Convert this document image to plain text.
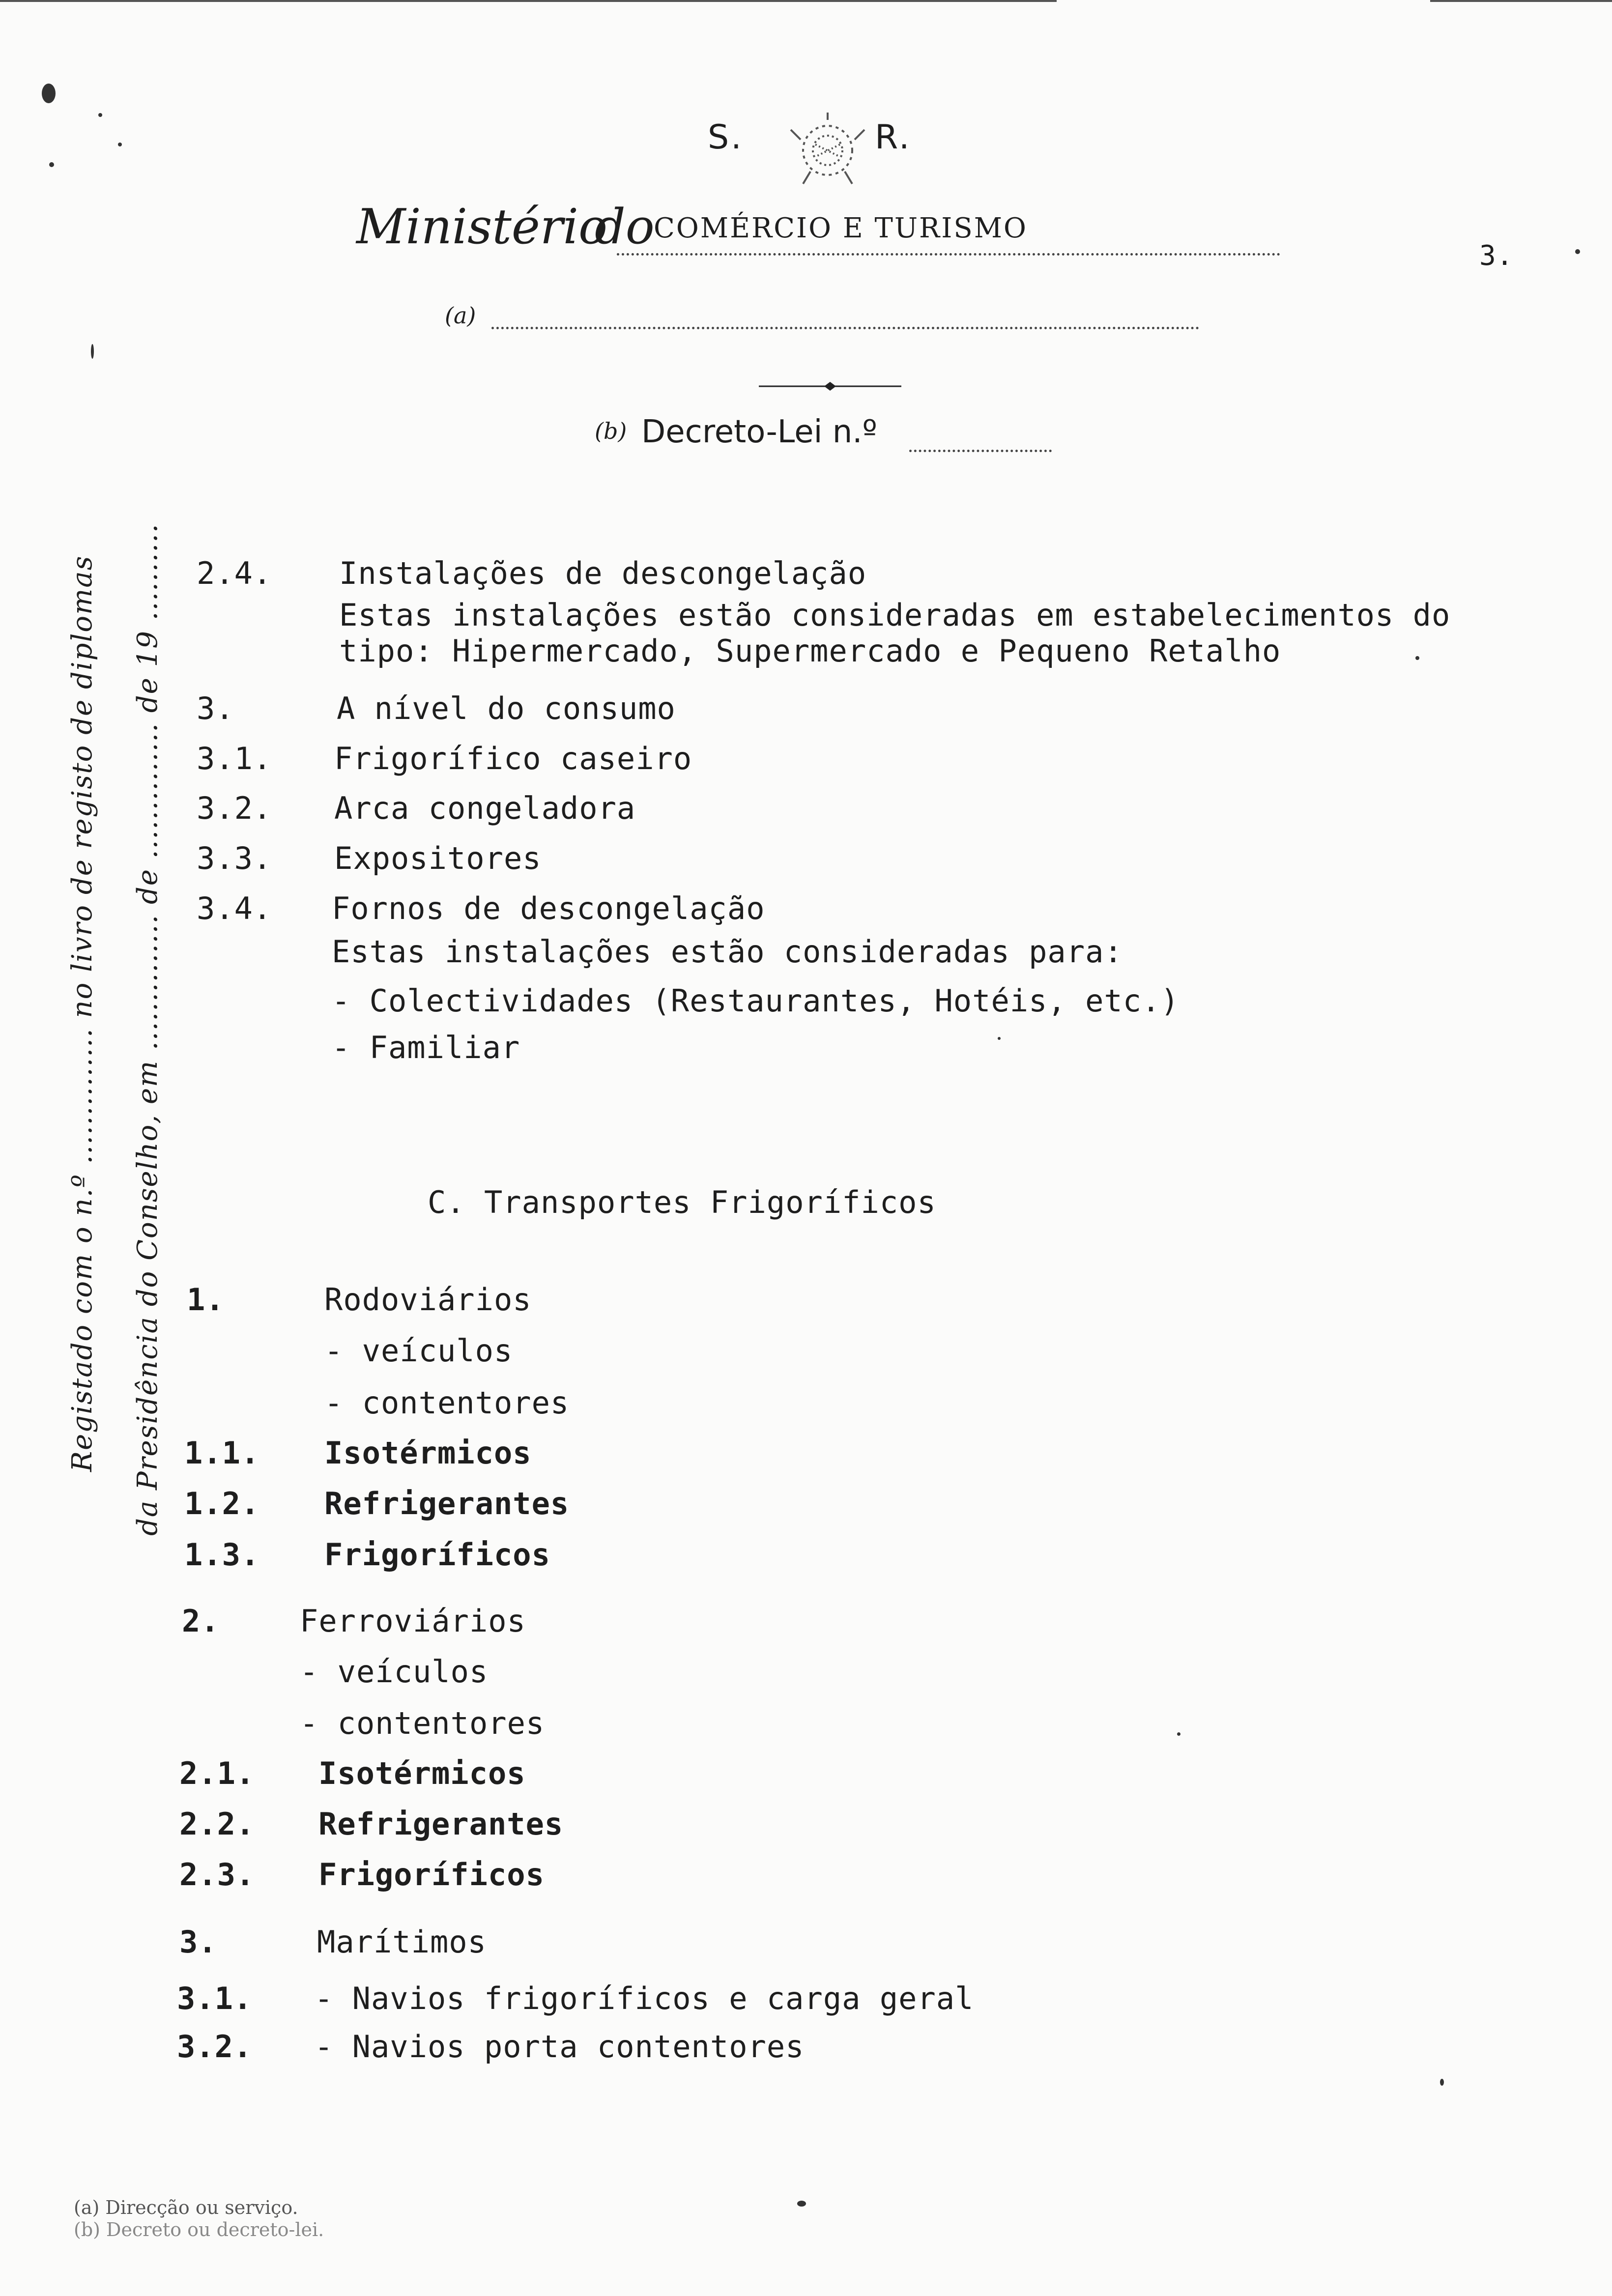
S.

	R.
Ministério
do
COMÉRCIO E TURISMO
3.
(a)

(b) Decreto-Lei n.º
Registado com o n.º .............. no livro de registo de diplomas da Presidência do Conselho, em .............. de .............. de 19 .......... 2.4. Instalações de descongelação
Estas instalações estão consideradas em estabelecimentos do
tipo: Hipermercado, Supermercado e Pequeno Retalho
3.	A nível do consumo
3.1. Frigorífico caseiro
3.2. Arca congeladora
3.3. Expositores
3.4. Fornos de descongelação
Estas instalações estão consideradas para:
- Colectividades (Restaurantes, Hotéis, etc.)
- Familiar
C. Transportes Frigoríficos
1.	Rodoviários
- veículos
- contentores
1.1. Isotérmicos
1.2. Refrigerantes
1.3. Frigoríficos
2.	Ferroviários
- veículos
- contentores
2.1. Isotérmicos
2.2. Refrigerantes
2.3. Frigoríficos
3.	Marítimos
3.1. - Navios frigoríficos e carga geral
3.2. - Navios porta contentores
(a) Direcção ou serviço.
(b) Decreto ou decreto-lei.
